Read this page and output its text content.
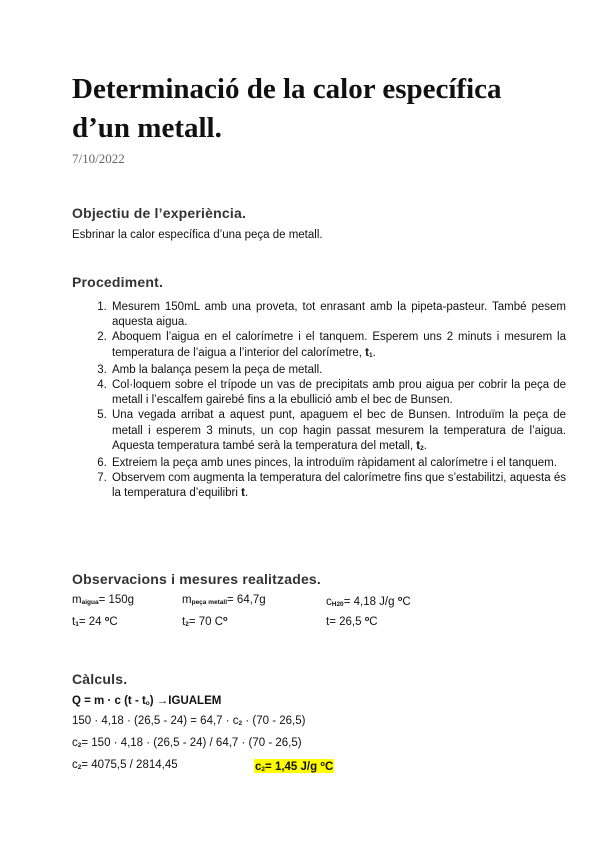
Determinació de la calor específica d’un metall.
7/10/2022
Objectiu de l’experiència.
Esbrinar la calor específica d’una peça de metall.
Procediment.
1. Mesurem 150mL amb una proveta, tot enrasant amb la pipeta-pasteur. També pesem aquesta aigua.
2. Aboquem l’aigua en el calorímetre i el tanquem. Esperem uns 2 minuts i mesurem la temperatura de l’aigua a l’interior del calorímetre, $t_1$.
3. Amb la balança pesem la peça de metall.
4. Col·loquem sobre el trípode un vas de precipitats amb prou aigua per cobrir la peça de metall i l’escalfem gairebé fins a la ebullició amb el bec de Bunsen.
5. Una vegada arribat a aquest punt, apaguem el bec de Bunsen. Introduïm la peça de metall i esperem 3 minuts, un cop hagin passat mesurem la temperatura de l’aigua. Aquesta temperatura també serà la temperatura del metall, $t_2$.
6. Extreiem la peça amb unes pinces, la introduïm ràpidament al calorímetre i el tanquem.
7. Observem com augmenta la temperatura del calorímetre fins que s’estabilitzi, aquesta és la temperatura d’equilibri t.
Observacions i mesures realitzades.
$m_{aigua}= 150g$	$m_{peça metall}= 64,7g$	$c_{H20}= 4,18$ J/g $^o$C
$t_1= 24$ $^o$C	$t_2= 70$ $C^o$	t= 26,5 $^o$C
Càlculs.
Q = m · c $(t - t_o)$ →IGUALEM
$150 \cdot 4,18 \cdot (26,5 - 24) = 64,7 \cdot c_2 \cdot (70 - 26,5)$
$c_2= 150 \cdot 4,18 \cdot (26,5 - 24) / 64,7 \cdot (70 - 26,5)$
$c_2= 4075,5 / 2814,45$	$c_2= 1,45$ J/g $^o$C
